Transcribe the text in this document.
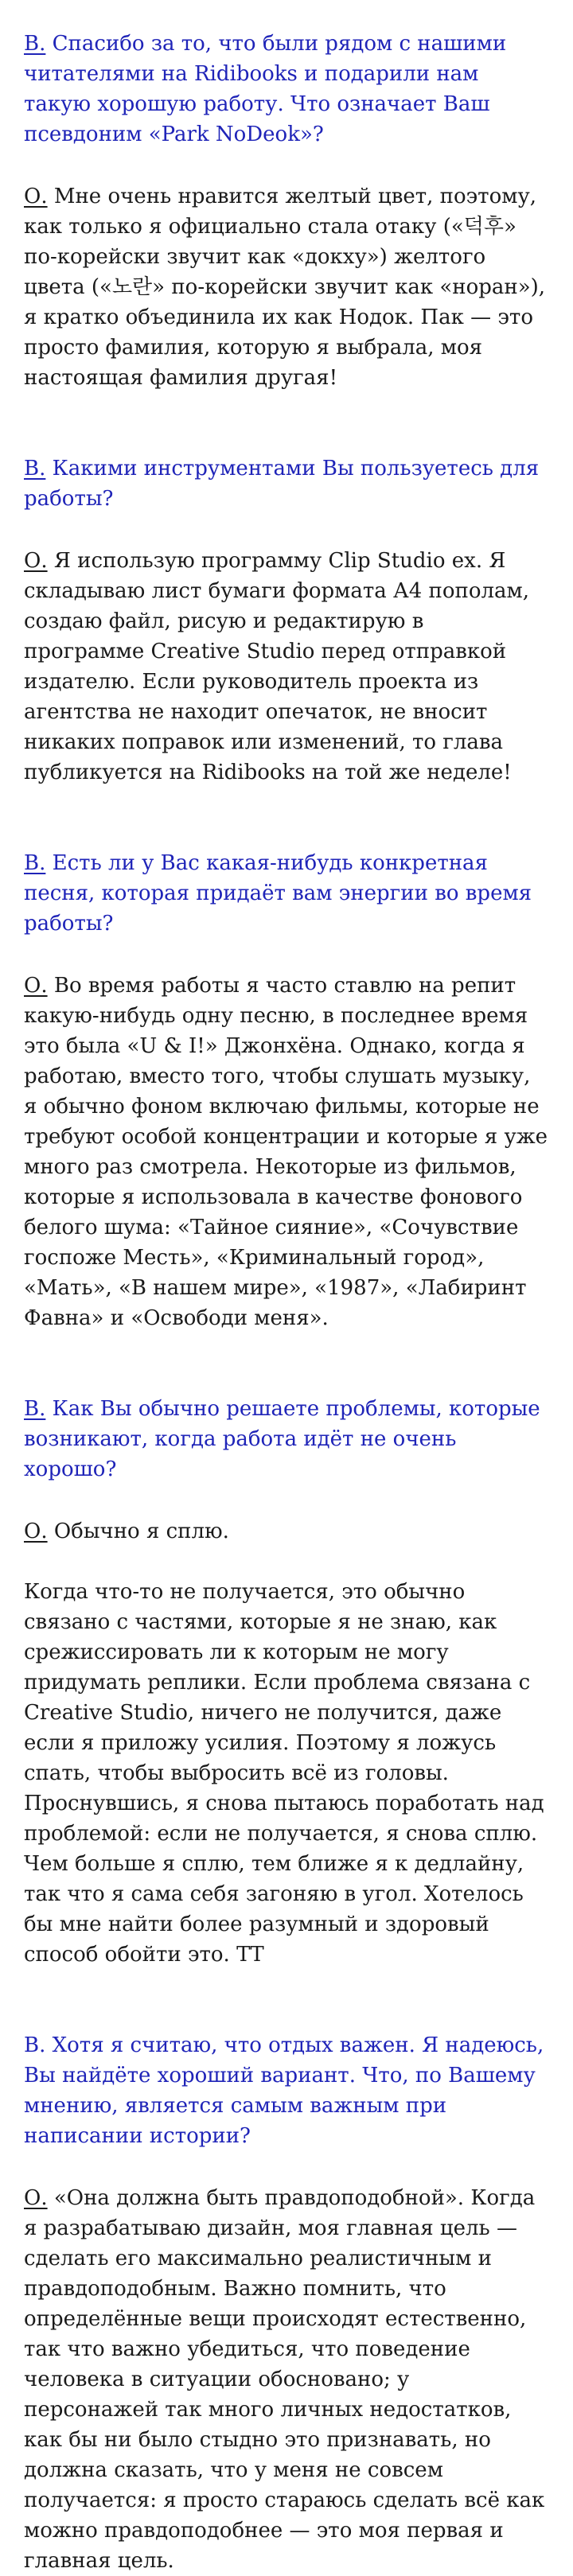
В. Спасибо за то, что были рядом с нашими читателями на Ridibooks и подарили нам такую хорошую работу. Что означает Ваш псевдоним «Park NoDeok»?

О. Мне очень нравится желтый цвет, поэтому, как только я официально стала отаку («덕후» по-корейски звучит как «докху») желтого цвета («노란» по-корейски звучит как «норан»), я кратко объединила их как Нодок. Пак — это просто фамилия, которую я выбрала, моя настоящая фамилия другая!

В. Какими инструментами Вы пользуетесь для работы?

О. Я использую программу Clip Studio ex. Я складываю лист бумаги формата А4 пополам, создаю файл, рисую и редактирую в программе Creative Studio перед отправкой издателю. Если руководитель проекта из агентства не находит опечаток, не вносит никаких поправок или изменений, то глава публикуется на Ridibooks на той же неделе!

В. Есть ли у Вас какая-нибудь конкретная песня, которая придаёт вам энергии во время работы?

О. Во время работы я часто ставлю на репит какую-нибудь одну песню, в последнее время это была «U & I!» Джонхёна. Однако, когда я работаю, вместо того, чтобы слушать музыку, я обычно фоном включаю фильмы, которые не требуют особой концентрации и которые я уже много раз смотрела. Некоторые из фильмов, которые я использовала в качестве фонового белого шума: «Тайное сияние», «Сочувствие госпоже Месть», «Криминальный город», «Мать», «В нашем мире», «1987», «Лабиринт Фавна» и «Освободи меня».

В. Как Вы обычно решаете проблемы, которые возникают, когда работа идёт не очень хорошо?

О. Обычно я сплю.

Когда что-то не получается, это обычно связано с частями, которые я не знаю, как срежиссировать ли к которым не могу придумать реплики. Если проблема связана с Creative Studio, ничего не получится, даже если я приложу усилия. Поэтому я ложусь спать, чтобы выбросить всё из головы. Проснувшись, я снова пытаюсь поработать над проблемой: если не получается, я снова сплю. Чем больше я сплю, тем ближе я к дедлайну, так что я сама себя загоняю в угол. Хотелось бы мне найти более разумный и здоровый способ обойти это. ТТ

В. Хотя я считаю, что отдых важен. Я надеюсь, Вы найдёте хороший вариант. Что, по Вашему мнению, является самым важным при написании истории?

О. «Она должна быть правдоподобной». Когда я разрабатываю дизайн, моя главная цель — сделать его максимально реалистичным и правдоподобным. Важно помнить, что определённые вещи происходят естественно, так что важно убедиться, что поведение человека в ситуации обосновано; у персонажей так много личных недостатков, как бы ни было стыдно это признавать, но должна сказать, что у меня не совсем получается: я просто стараюсь сделать всё как можно правдоподобнее — это моя первая и главная цель.
